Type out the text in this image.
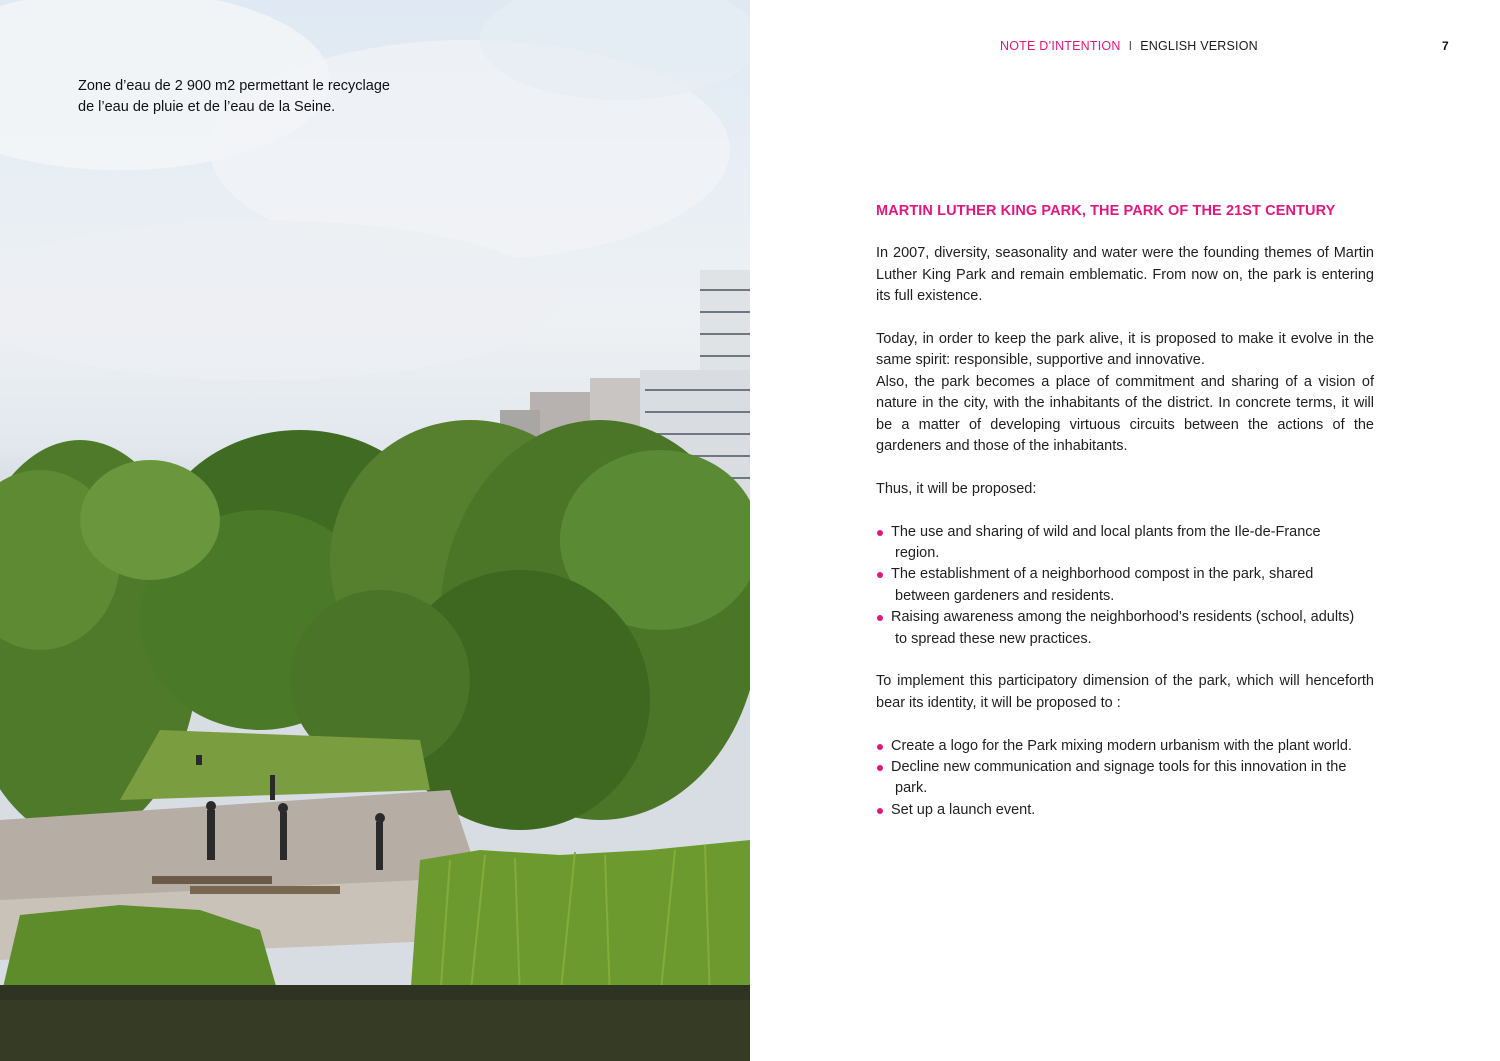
Zone d’eau de 2 900 m2 permettant le recyclage
de l’eau de pluie et de l’eau de la Seine.
NOTE D’INTENTION I ENGLISH VERSION	7
MARTIN LUTHER KING PARK, THE PARK OF THE 21ST CENTURY

In 2007, diversity, seasonality and water were the founding themes of Martin Luther King Park and remain emblematic. From now on, the park is entering its full existence.

Today, in order to keep the park alive, it is proposed to make it evolve in the same spirit: responsible, supportive and innovative.

Also, the park becomes a place of commitment and sharing of a vision of nature in the city, with the inhabitants of the district. In concrete terms, it will be a matter of developing virtuous circuits between the actions of the gardeners and those of the inhabitants.

Thus, it will be proposed:

The use and sharing of wild and local plants from the Ile-de-France
region.
The establishment of a neighborhood compost in the park, shared
between gardeners and residents.
Raising awareness among the neighborhood’s residents (school, adults)
to spread these new practices.

To implement this participatory dimension of the park, which will henceforth bear its identity, it will be proposed to :

Create a logo for the Park mixing modern urbanism with the plant world.
Decline new communication and signage tools for this innovation in the
park.
Set up a launch event.
